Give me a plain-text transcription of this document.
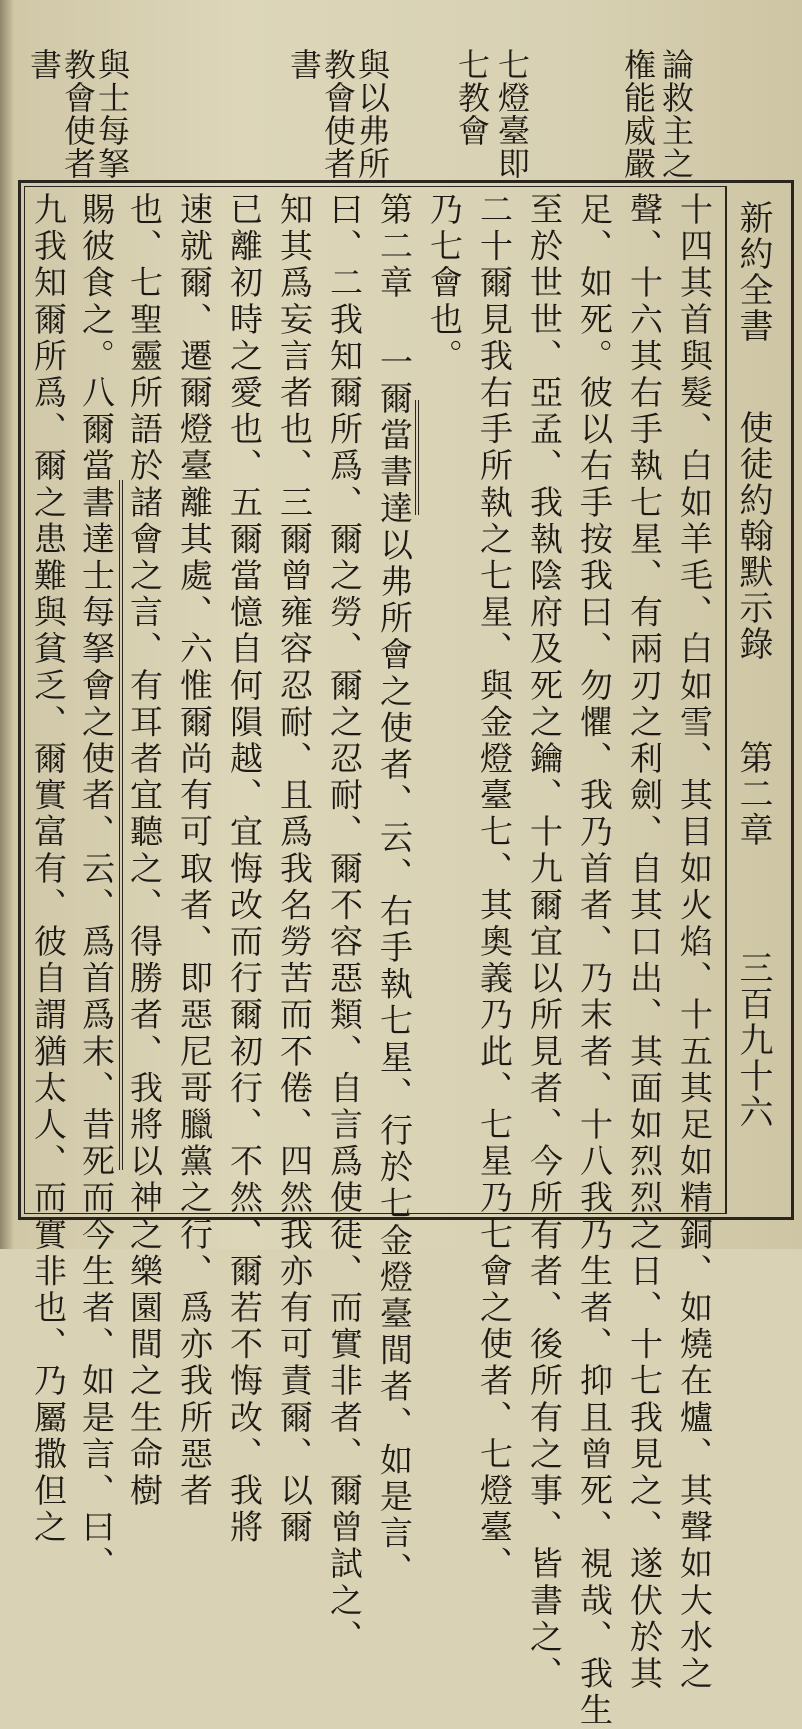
論救主之
権能威嚴
七燈臺即
七教會
與以弗所
教會使者
書
與士每拏
教會使者
書
新約全書
使徒約翰默示錄
第二章
三百九十六
十四其首與髮、白如羊毛、白如雪、其目如火焰、十五其足如精銅、如燒在爐、其聲如大水之
聲、十六其右手執七星、有兩刃之利劍、自其口出、其面如烈烈之日、十七我見之、遂伏於其
足、如死。彼以右手按我曰、勿懼、我乃首者、乃末者、十八我乃生者、抑且曾死、視哉、我生
至於世世、亞孟、我執陰府及死之鑰、十九爾宜以所見者、今所有者、後所有之事、皆書之、
二十爾見我右手所執之七星、與金燈臺七、其奧義乃此、七星乃七會之使者、七燈臺、
乃七會也。
第二章 一爾當書達以弗所會之使者、云、右手執七星、行於七金燈臺間者、如是言、
曰、二我知爾所爲、爾之勞、爾之忍耐、爾不容惡類、自言爲使徒、而實非者、爾曾試之、
知其爲妄言者也、三爾曾雍容忍耐、且爲我名勞苦而不倦、四然我亦有可責爾、以爾
已離初時之愛也、五爾當憶自何隕越、宜悔改而行爾初行、不然、爾若不悔改、我將
速就爾、遷爾燈臺離其處、六惟爾尚有可取者、即惡尼哥臘黨之行、爲亦我所惡者
也、七聖靈所語於諸會之言、有耳者宜聽之、得勝者、我將以神之樂園間之生命樹
賜彼食之。八爾當書達士每拏會之使者、云、爲首爲末、昔死而今生者、如是言、曰、
九我知爾所爲、爾之患難與貧乏、爾實富有、彼自謂猶太人、而實非也、乃屬撒但之
